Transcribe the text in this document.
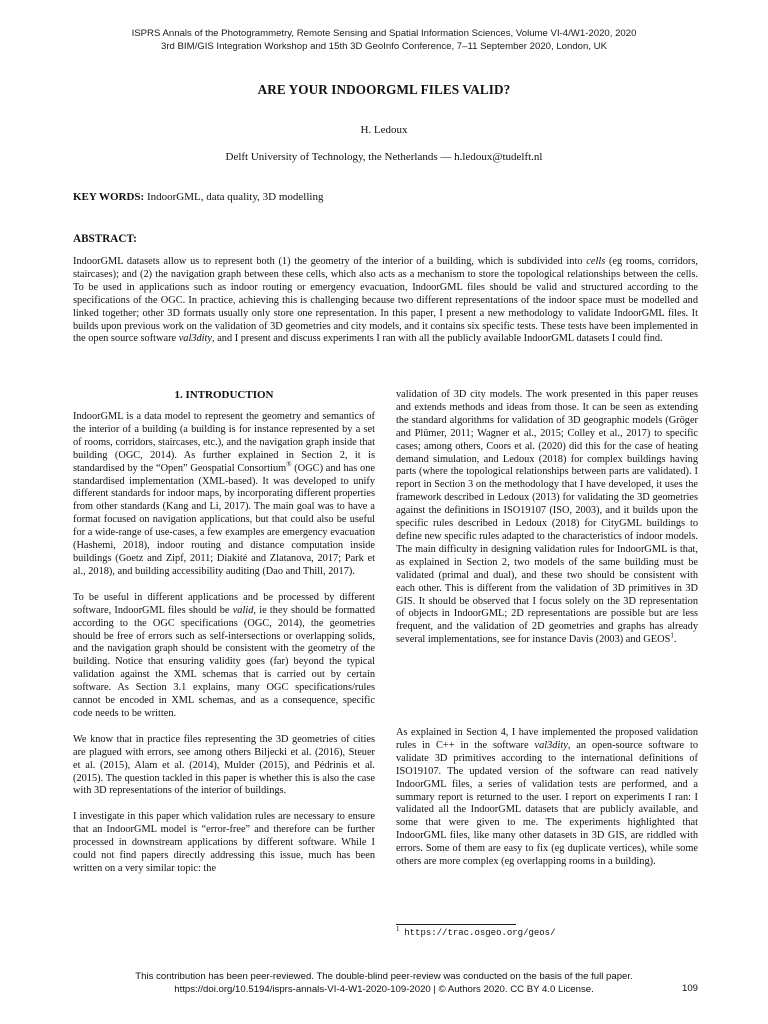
ISPRS Annals of the Photogrammetry, Remote Sensing and Spatial Information Sciences, Volume VI-4/W1-2020, 2020
3rd BIM/GIS Integration Workshop and 15th 3D GeoInfo Conference, 7–11 September 2020, London, UK
ARE YOUR INDOORGML FILES VALID?
H. Ledoux
Delft University of Technology, the Netherlands — h.ledoux@tudelft.nl
KEY WORDS: IndoorGML, data quality, 3D modelling
ABSTRACT:

IndoorGML datasets allow us to represent both (1) the geometry of the interior of a building, which is subdivided into cells (eg rooms, corridors, staircases); and (2) the navigation graph between these cells, which also acts as a mechanism to store the topological relationships between the cells. To be used in applications such as indoor routing or emergency evacuation, IndoorGML files should be valid and structured according to the specifications of the OGC. In practice, achieving this is challenging because two different representations of the indoor space must be modelled and linked together; other 3D formats usually only store one representation. In this paper, I present a new methodology to validate IndoorGML files. It builds upon previous work on the validation of 3D geometries and city models, and it contains six specific tests. These tests have been implemented in the open source software val3dity, and I present and discuss experiments I ran with all the publicly available IndoorGML datasets I could find.

1. INTRODUCTION

IndoorGML is a data model to represent the geometry and semantics of the interior of a building (a building is for instance represented by a set of rooms, corridors, staircases, etc.), and the navigation graph inside that building (OGC, 2014). As further explained in Section 2, it is standardised by the “Open” Geospatial Consortium® (OGC) and has one standardised implementation (XML-based). It was developed to unify different standards for indoor maps, by incorporating different properties from other standards (Kang and Li, 2017). The main goal was to have a format focused on navigation applications, but that could also be useful for a wide-range of use-cases, a few examples are emergency evacuation (Hashemi, 2018), indoor routing and distance computation inside buildings (Goetz and Zipf, 2011; Diakité and Zlatanova, 2017; Park et al., 2018), and building accessibility auditing (Dao and Thill, 2017).

To be useful in different applications and be processed by different software, IndoorGML files should be valid, ie they should be formatted according to the OGC specifications (OGC, 2014), the geometries should be free of errors such as self-intersections or overlapping solids, and the navigation graph should be consistent with the geometry of the building. Notice that ensuring validity goes (far) beyond the typical validation against the XML schemas that is carried out by certain software. As Section 3.1 explains, many OGC specifications/rules cannot be encoded in XML schemas, and as a consequence, specific code needs to be written.

We know that in practice files representing the 3D geometries of cities are plagued with errors, see among others Biljecki et al. (2016), Steuer et al. (2015), Alam et al. (2014), Mulder (2015), and Pédrinis et al. (2015). The question tackled in this paper is whether this is also the case with 3D representations of the interior of buildings.

I investigate in this paper which validation rules are necessary to ensure that an IndoorGML model is “error-free” and therefore can be further processed in downstream applications by different software. While I could not find papers directly addressing this issue, much has been written on a very similar topic: the

validation of 3D city models. The work presented in this paper reuses and extends methods and ideas from those. It can be seen as extending the standard algorithms for validation of 3D geographic models (Gröger and Plümer, 2011; Wagner et al., 2015; Colley et al., 2017) to specific cases; among others, Coors et al. (2020) did this for the case of heating demand simulation, and Ledoux (2018) for complex buildings having parts (where the topological relationships between parts are validated). I report in Section 3 on the methodology that I have developed, it uses the framework described in Ledoux (2013) for validating the 3D geometries against the definitions in ISO19107 (ISO, 2003), and it builds upon the specific rules described in Ledoux (2018) for CityGML buildings to define new specific rules adapted to the characteristics of indoor models. The main difficulty in designing validation rules for IndoorGML is that, as explained in Section 2, two models of the same building must be validated (primal and dual), and these two should be consistent with each other. This is different from the validation of 3D primitives in 3D GIS. It should be observed that I focus solely on the 3D representation of objects in IndoorGML; 2D representations are possible but are less frequent, and the validation of 2D geometries and graphs has already several implementations, see for instance Davis (2003) and GEOS$^1$.

As explained in Section 4, I have implemented the proposed validation rules in C++ in the software val3dity, an open-source software to validate 3D primitives according to the international definitions of ISO19107. The updated version of the software can read natively IndoorGML files, a series of validation tests are performed, and a summary report is returned to the user. I report on experiments I ran: I validated all the IndoorGML datasets that are publicly available, and some that were given to me. The experiments highlighted that IndoorGML files, like many other datasets in 3D GIS, are riddled with errors. Some of them are easy to fix (eg duplicate vertices), while some others are more complex (eg overlapping rooms in a building).

$^1$ https://trac.osgeo.org/geos/
This contribution has been peer-reviewed. The double-blind peer-review was conducted on the basis of the full paper.
https://doi.org/10.5194/isprs-annals-VI-4-W1-2020-109-2020 | © Authors 2020. CC BY 4.0 License.	109
